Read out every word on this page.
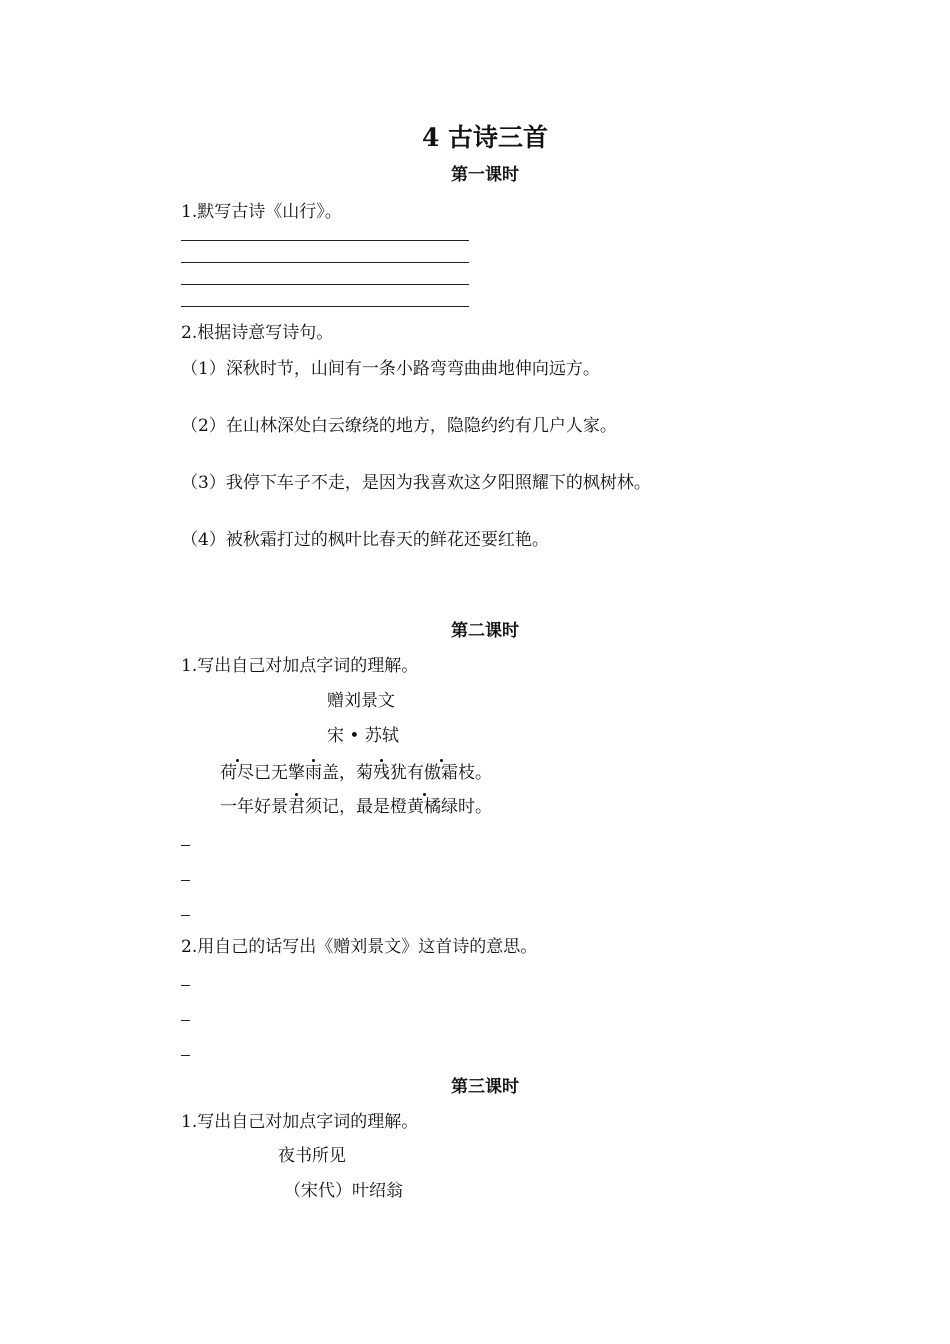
4 古诗三首
第一课时
1.默写古诗《山行》。
2.根据诗意写诗句。
（1）深秋时节，山间有一条小路弯弯曲曲地伸向远方。
（2）在山林深处白云缭绕的地方，隐隐约约有几户人家。
（3）我停下车子不走，是因为我喜欢这夕阳照耀下的枫树林。
（4）被秋霜打过的枫叶比春天的鲜花还要红艳。
第二课时
1.写出自己对加点字词的理解。
赠刘景文
宋 • 苏轼
荷尽已无擎雨盖，菊残犹有傲霜枝。
一年好景君须记，最是橙黄橘绿时。
2.用自己的话写出《赠刘景文》这首诗的意思。
第三课时
1.写出自己对加点字词的理解。
夜书所见
（宋代）叶绍翁
